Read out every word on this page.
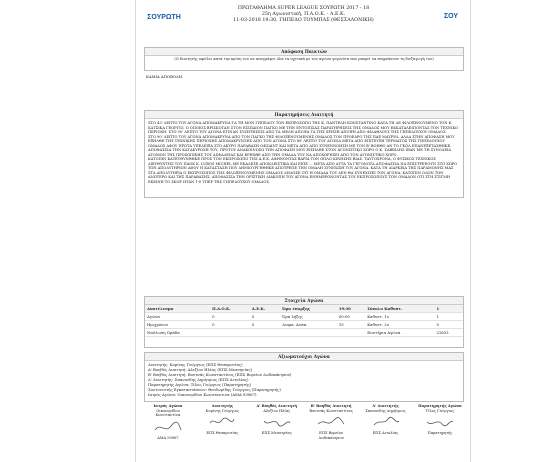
ΣΟΥΡΩΤΗ	ΣΟΥ
ΠΡΩΤΑΘΛΗΜΑ SUPER LEAGUE ΣΟΥΡΩΤΗ 2017 - 18
25η Αγωνιστική, Π.Α.Ο.Κ. - Α.Ε.Κ.
11-03-2018 19:30, ΓΗΠΕΔΟ ΤΟΥΜΠΑΣ (ΘΕΣΣΑΛΟΝΙΚΗ)
Απόφαση Παικτών
(Ο διαιτητής οφείλει κατά την κρίση του να αναγράψει όλα τα σχετικά με τον αγώνα γεγονότα που μπορεί να επηρεάσουν τη διεξαγωγή του)
ΚΑΜΙΑ ΑΠΟΒΟΛΗ.
Παρατηρήσεις Διαιτητή
ΣΤΟ 43' ΛΕΠΤΟ ΤΟΥ ΑΓΩΝΑ ΑΠΟΜΑΚΡΥΝΑ ΤΑ ΤΗ ΜΟΝ ΓΗΠΕΔΟΥ ΤΟΝ ΕΚΠΡΟΣΩΠΟ ΤΗΣ Κ. ΠΑΝΤΕΛΗ ΚΩΝΣΤΑΝΤΙΝΟ ΚΑΤΑ ΤΗ ΔΕ ΦΙΛΟΞΕΝΟΥΜΕΝΟ ΤΟΝ Κ. ΚΑΤΣΙΚΑ ΓΕΩΡΓΙΟ, Ο ΟΠΟΙΟΣ ΒΡΙΣΚΟΤΑΝ ΣΤΟΝ ΕΙΣΠΑΙΟΝ ΠΑΓΚΟ ΜΕ ΤΗΝ ΕΝΤΟΠΙΣΑΣ ΠΑΡΑΤΗΡΗΣΕΙΣ ΤΗΣ ΟΜΑΔΟΣ ΜΟΥ ΕΚΚΑΤΑΛΕΙΠΟΝΤΑΣ ΤΟΝ ΤΕΧΝΙΚΟ ΠΕΡΙΟΧΗ. ΣΤΟ 90' ΛΕΠΤΟ ΤΟΥ ΑΓΩΝΑ ΕΓΙΝΑΝ ΣΥΖΗΤΗΣΕΙΣ ΑΠΟ ΤΑ ΜΕΛΗ ΑΠΟΨΑ ΤΑ ΤΗΣ ΧΡΗΣΗ ΑΠΟΨΗ ΑΠΟ ΦΙΛΑΘΛΟΥΣ ΤΗΣ ΓΗΠΕΔΟΥΧΟΥ ΟΜΑΔΟΣ.
ΣΤΟ 90' ΛΕΠΤΟ ΤΟΥ ΑΓΩΝΑ ΑΠΟΜΑΚΡΥΝΑ ΑΠΟ ΤΟΝ ΠΑΓΚΟ ΤΗΣ ΦΙΛΟΞΕΝΟΥΜΕΝΗΣ ΟΜΑΔΟΣ ΤΟΝ ΠΡΟΕΔΡΟ ΤΗΣ ΠΑΕ ΜΑΥΡΕΛ. ΑΛΛΑ ΣΤΗΝ ΑΠΟΦΑΣΗ ΜΟΥ ΕΞΗΛΘΕ ΤΗΣ ΤΕΧΝΙΚΗΣ ΠΕΡΙΟΧΗΣ ΑΠΟΜΑΚΡΥΝΣΗΣ ΑΠΟ ΤΟΝ ΑΓΩΝΑ ΣΤΟ 89' ΛΕΠΤΟ ΤΟΥ ΑΓΩΝΑ ΜΕΤΑ ΑΠΟ ΕΠΙΤΕΥΞΗ ΤΕΡΜΑΤΟΣ ΤΗΣ ΓΗΠΕΔΟΥΧΟΥ ΟΜΑΔΟΣ ΑΦΟΥ ΠΡΩΤΑ ΥΠΕΔΕΙΞΑ ΣΤΟ ΑΚΥΡΟ ΠΑΡΑΒΑΣΗ ΟΦΣΑΙΝΤ ΚΑΙ ΜΕΤΑ ΑΠΟ ΑΠΟ ΣΥΝΕΝΝΟΗΣΗ ΜΕ ΤΟΝ Β' ΒΟΗΘΟ ΑΝ ΤΟ ΓΚΟΛ ΕΠΑΝΕΞΕΤΑΣΘΗΚΕ. ΑΠΟΦΑΣΙΣΑ ΤΗΝ ΚΑΤΑΚΥΡΩΣΗ ΤΟΥ, ΠΡΟΤΟΥ ΑΝΑΚΟΙΝΩΣΩ ΤΗΝ ΑΠΟΦΑΣΗ ΜΟΥ ΕΙΣΗΛΘΕ ΣΤΟΝ ΑΓΩΝΙΣΤΙΚΟ ΧΩΡΟ Ο Κ. ΣΑΒΒΙΔΗΣ ΙΒΑΝ ΜΕ ΤΗ ΣΥΝΟΔΕΙΑ ΑΤΟΜΩΝ ΤΗΣ ΠΡΟΣΩΠΙΚΗΣ ΤΟΥ ΑΣΦΑΛΕΙΑΣ ΚΑΙ ΕΡΗΧΘΕ ΑΠΟ ΤΗΝ ΟΜΑΔΑ ΤΟΥ ΝΑ ΑΠΟΧΩΡΗΣΕΙ ΑΠΟ ΤΟΝ ΑΓΩΝΙΣΤΙΚΟ ΧΩΡΟ.
ΚΑΤΟΠΙΝ ΚΑΤΕΥΘΥΝΘΗΚΕ ΠΡΟΣ ΤΟΝ ΕΚΠΡΟΣΩΠΟ ΤΗΣ Α.Ε.Κ. ΑΦΗΝΟΝΤΑΣ ΒΑΡΙΑ ΤΟΝ ΟΠΛΟ ΚΙΝΗΣΗΣ ΒΙΑΣ. ΤΑΥΤΟΧΡΟΝΑ, Ο ΦΥΣΙΚΟΣ ΤΕΧΝΙΚΟΣ ΔΙΕΥΘΥΝΤΗΣ ΤΟΥ ΠΑΟΚ Κ. LUBOS MICHEL ΜΕ ΕΚΑΛΕΣΕ ΑΠΟΚΛΕΙΣΤΙΚΑ ΚΑΙ ΕΙΠΕ ... ΜΕΤΑ ΑΠΟ ΑΥΤΑ ΤΑ ΓΕΓΟΝΟΤΑ ΑΠΟΦΑΣΙΣΑ ΝΑ ΕΠΙΣΤΡΕΨΟΥΝ ΣΤΟ ΧΩΡΟ ΤΩΝ ΑΠΟΔΥΤΗΡΙΩΝ ΑΦΟΥ Η ΚΑΤΑΣΤΑΣΗ ΠΟΥ ΔΗΜΙΟΥΡΓΗΘΗΚΕ ΑΠΟΤΡΕΠΕ ΤΗΝ ΟΜΑΛΗ ΣΥΝΕΧΙΣΗ ΤΟΥ ΑΓΩΝΑ. ΚΑΤΑ ΤΗ ΔΙΑΡΚΕΙΑ ΤΗΣ ΠΑΡΑΜΟΝΗΣ ΜΑΣ ΣΤΑ ΑΠΟΔΥΤΗΡΙΑ Ο ΕΚΠΡΟΣΩΠΟΣ ΤΗΣ ΦΙΛΟΞΕΝΟΥΜΕΝΗΣ ΟΜΑΔΟΣ ΔΗΛΩΣΕ ΟΤΙ Η ΟΜΑΔΑ ΤΟΥ ΔΕΝ ΘΑ ΣΥΝΕΧΙΣΕΙ ΤΟΝ ΑΓΩΝΑ. ΚΑΤΟΠΙΝ ΟΛΩΝ ΤΩΝ ΑΝΩΤΕΡΩ ΚΑΙ ΤΗΣ ΠΑΡΑΒΑΣΗΣ, ΑΠΟΦΑΣΙΣΑ ΤΗΝ ΟΡΙΣΤΙΚΗ ΔΙΑΚΟΠΗ ΤΟΥ ΑΓΩΝΑ ΕΝΗΜΕΡΩΝΟΝΤΑΣ ΤΟΥ ΕΚΠΡΟΣΩΠΟΥΣ ΤΩΝ ΟΜΑΔΩΝ ΟΤΙ ΣΤΗ ΣΤΙΓΜΗ ΕΚΕΙΝΗ ΤΟ ΣΚΟΡ ΗΤΑΝ 1-0 ΥΠΕΡ ΤΗΣ ΓΗΠΕΔΟΥΧΟΥ ΟΜΑΔΟΣ.
Στοιχεία Αγώνα
Αποτέλεσμα	Π.Α.Ο.Κ.	Α.Ε.Κ.	Ώρα έναρξης	19:30	Σύνολο Καθυστ.	1
Αγώνα	0	0	Ώρα λήξης	00:00	Καθυστ. 1o	1
Ημιχρόνου	0	0	Διαρκ. Αναπ.	15	Καθυστ. 2o	0
Ναύλωση Ομάδα					Εισιτήρια Αγώνα	21633
Αξιωματούχοι Αγώνα
Διαιτητής: Κομίνης Γεώργιος (ΕΠΣ Θεσπρωτίας)
Α' Βοηθός Διαιτητή: Αλεξίου Ηλίας (ΕΠΣ Μεσσηνίας)
Β' Βοηθός Διαιτητή: Βουτσάς Κωνσταντίνος (ΕΠΣ Βορείου Δωδεκάνησου)
Δ' Διαιτητής: Σπανουδης Δημήτριος (ΕΠΣ Αιτολίας)
Παρατηρητής Αγώνα: Τίλος Γεώργιος (Παρατηρητής)
Συντονιστής Εγκαταστάσεων: Θεοδωρίδης Γεώργιος (Παρατηρητής)
Ιατρός Αγώνα: Οικονομίδου Κωνσταντινα (ΑΜΑ 93967)
Ιατρός Αγώνα
Οικονομίδου Κωνσταντίνα
ΑΜΑ 93967
Διαιτητής
Κομίνης Γεώργιος
ΕΠΣ Θεσπρωτίας
Α' Βοηθός Διαιτητή
Αλεξίου Ηλίας
ΕΠΣ Μεσσηνίας
Β' Βοηθός Διαιτητή
Βουτσάς Κωνσταντίνος
ΕΠΣ Βορείου Δωδεκάνησου
Δ' Διαιτητής
Σπανουδης Δημήτριος
ΕΠΣ Αιτολίας
Παρατηρητής Αγώνα
Τίλος Γεώργιος
Παρατηρητής
